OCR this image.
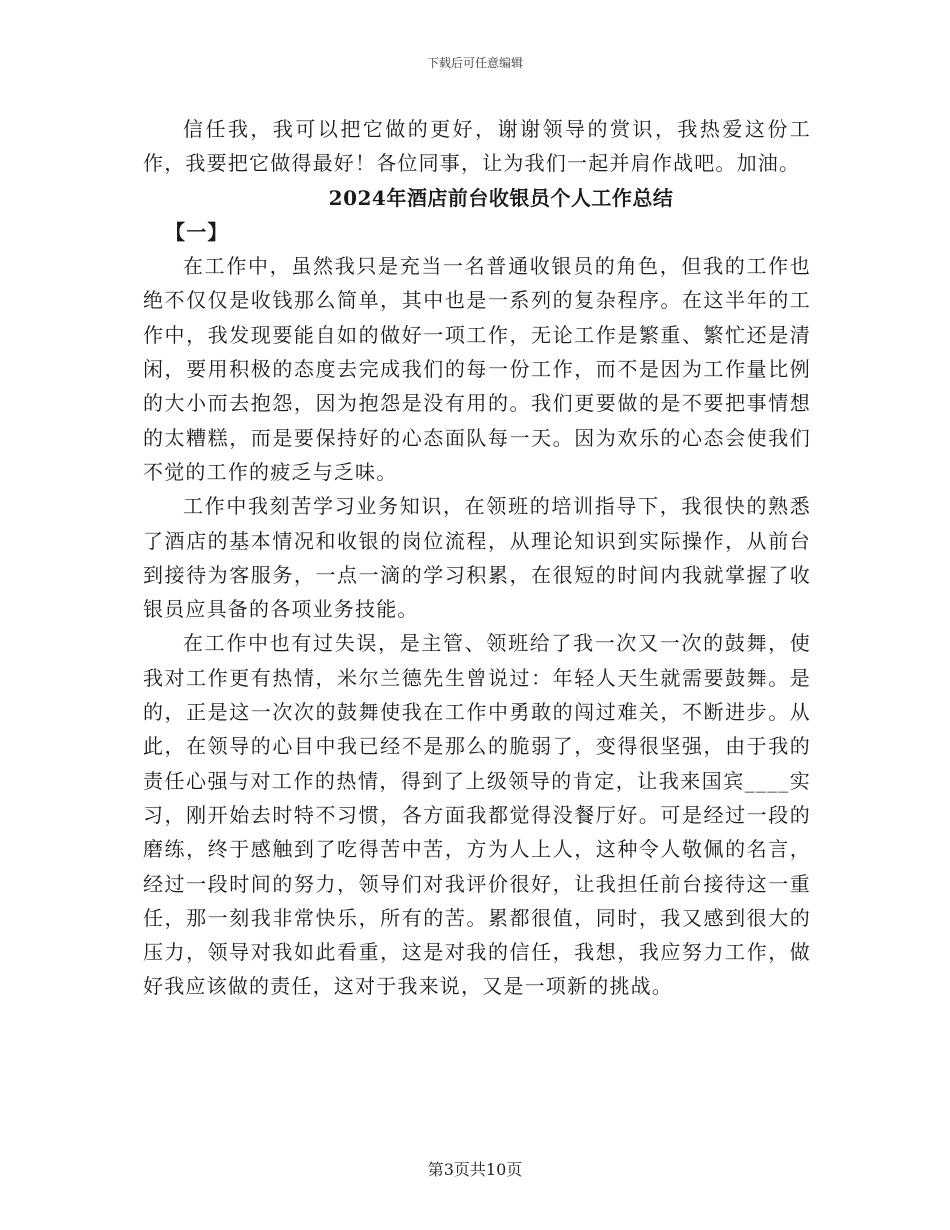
下载后可任意编辑

信任我，我可以把它做的更好，谢谢领导的赏识，我热爱这份工作，我要把它做得最好！各位同事，让为我们一起并肩作战吧。加油。

2024年酒店前台收银员个人工作总结
【一】

在工作中，虽然我只是充当一名普通收银员的角色，但我的工作也绝不仅仅是收钱那么简单，其中也是一系列的复杂程序。在这半年的工作中，我发现要能自如的做好一项工作，无论工作是繁重、繁忙还是清闲，要用积极的态度去完成我们的每一份工作，而不是因为工作量比例的大小而去抱怨，因为抱怨是没有用的。我们更要做的是不要把事情想的太糟糕，而是要保持好的心态面队每一天。因为欢乐的心态会使我们不觉的工作的疲乏与乏味。

工作中我刻苦学习业务知识，在领班的培训指导下，我很快的熟悉了酒店的基本情况和收银的岗位流程，从理论知识到实际操作，从前台到接待为客服务，一点一滴的学习积累，在很短的时间内我就掌握了收银员应具备的各项业务技能。

在工作中也有过失误，是主管、领班给了我一次又一次的鼓舞，使我对工作更有热情，米尔兰德先生曾说过：年轻人天生就需要鼓舞。是的，正是这一次次的鼓舞使我在工作中勇敢的闯过难关，不断进步。从此，在领导的心目中我已经不是那么的脆弱了，变得很坚强，由于我的责任心强与对工作的热情，得到了上级领导的肯定，让我来国宾____实习，刚开始去时特不习惯，各方面我都觉得没餐厅好。可是经过一段的磨练，终于感触到了吃得苦中苦，方为人上人，这种令人敬佩的名言，经过一段时间的努力，领导们对我评价很好，让我担任前台接待这一重任，那一刻我非常快乐，所有的苦。累都很值，同时，我又感到很大的压力，领导对我如此看重，这是对我的信任，我想，我应努力工作，做好我应该做的责任，这对于我来说，又是一项新的挑战。

第3页共10页
